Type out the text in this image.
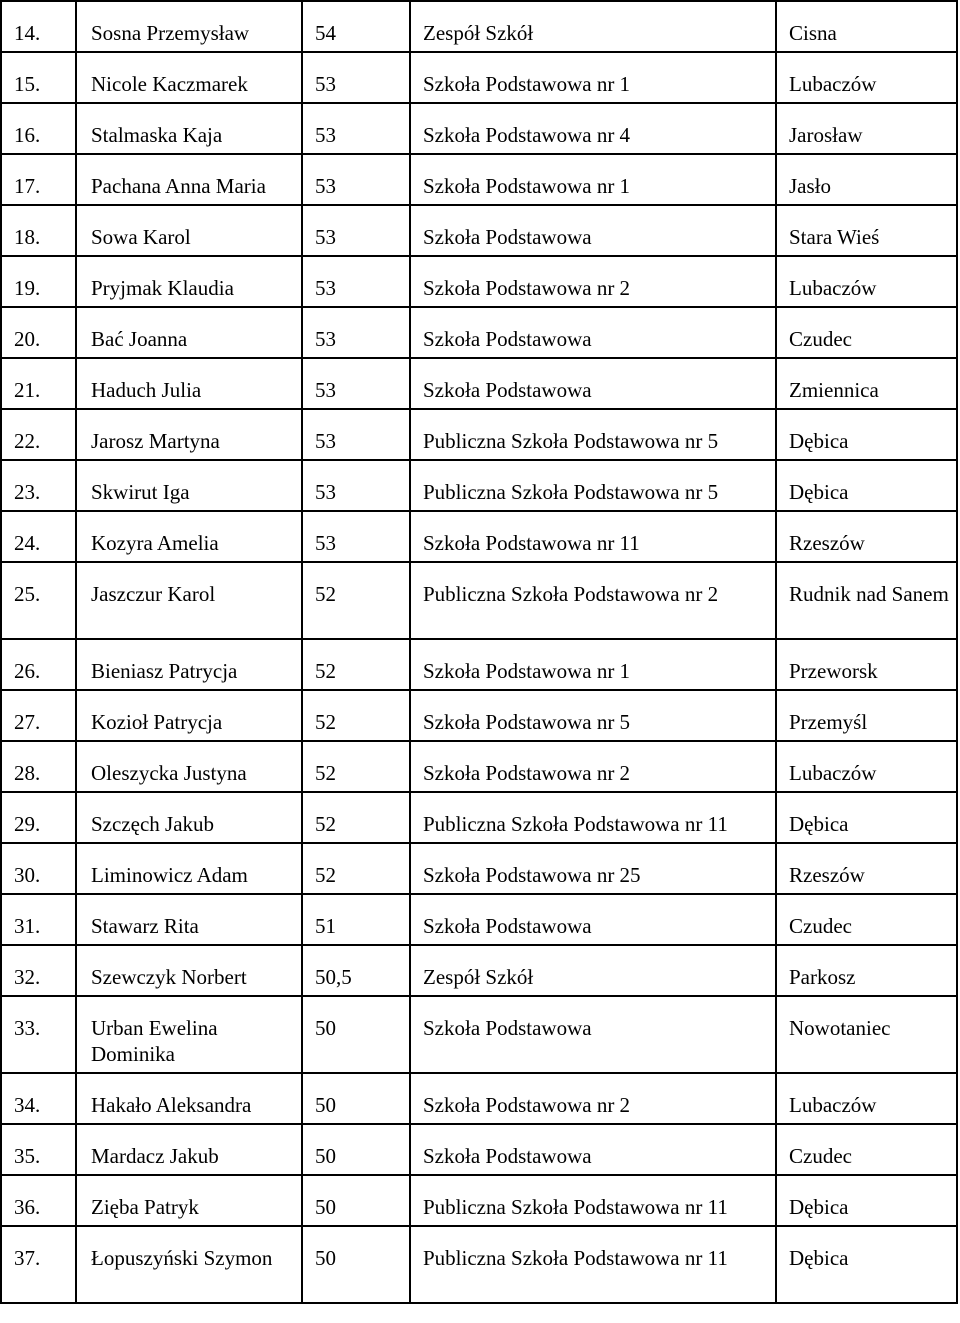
14.	Sosna Przemysław	54	Zespół Szkół	Cisna
15.	Nicole Kaczmarek	53	Szkoła Podstawowa nr 1	Lubaczów
16.	Stalmaska Kaja	53	Szkoła Podstawowa nr 4	Jarosław
17.	Pachana Anna Maria	53	Szkoła Podstawowa nr 1	Jasło
18.	Sowa Karol	53	Szkoła Podstawowa	Stara Wieś
19.	Pryjmak Klaudia	53	Szkoła Podstawowa nr 2	Lubaczów
20.	Bać Joanna	53	Szkoła Podstawowa	Czudec
21.	Haduch Julia	53	Szkoła Podstawowa	Zmiennica
22.	Jarosz Martyna	53	Publiczna Szkoła Podstawowa nr 5	Dębica
23.	Skwirut Iga	53	Publiczna Szkoła Podstawowa nr 5	Dębica
24.	Kozyra Amelia	53	Szkoła Podstawowa nr 11	Rzeszów
25.	Jaszczur Karol	52	Publiczna Szkoła Podstawowa nr 2	Rudnik nad Sanem
26.	Bieniasz Patrycja	52	Szkoła Podstawowa nr 1	Przeworsk
27.	Kozioł Patrycja	52	Szkoła Podstawowa nr 5	Przemyśl
28.	Oleszycka Justyna	52	Szkoła Podstawowa nr 2	Lubaczów
29.	Szczęch Jakub	52	Publiczna Szkoła Podstawowa nr 11	Dębica
30.	Liminowicz Adam	52	Szkoła Podstawowa nr 25	Rzeszów
31.	Stawarz Rita	51	Szkoła Podstawowa	Czudec
32.	Szewczyk Norbert	50,5	Zespół Szkół	Parkosz
33.	Urban Ewelina Dominika	50	Szkoła Podstawowa	Nowotaniec
34.	Hakało Aleksandra	50	Szkoła Podstawowa nr 2	Lubaczów
35.	Mardacz Jakub	50	Szkoła Podstawowa	Czudec
36.	Zięba Patryk	50	Publiczna Szkoła Podstawowa nr 11	Dębica
37.	Łopuszyński Szymon	50	Publiczna Szkoła Podstawowa nr 11	Dębica
